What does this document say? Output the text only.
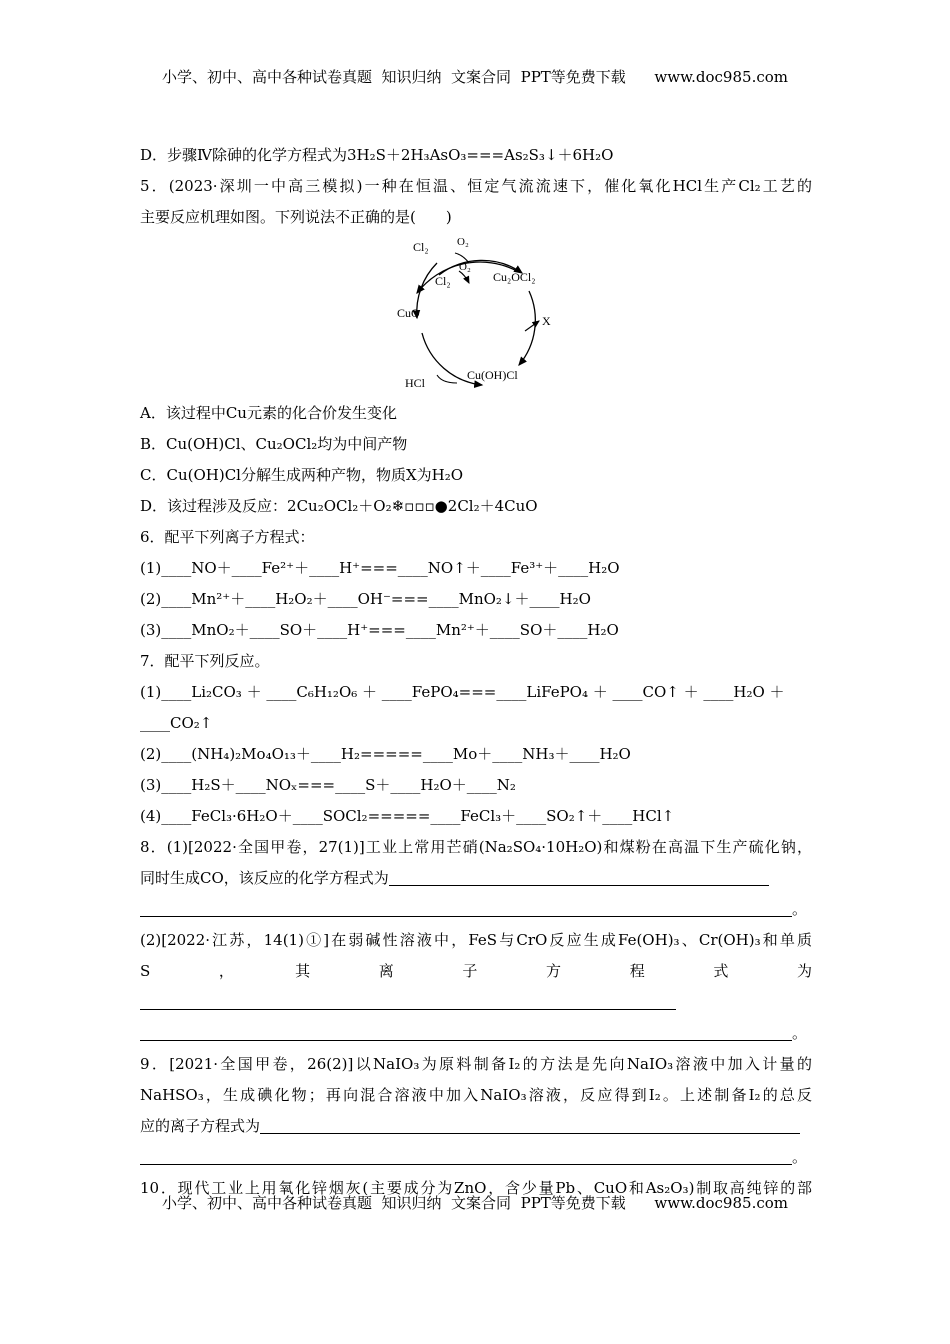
小学、初中、高中各种试卷真题  知识归纳  文案合同  PPT等免费下载      www.doc985.com
D．步骤Ⅳ除砷的化学方程式为3H₂S＋2H₃AsO₃===As₂S₃↓＋6H₂O
5．(2023·深圳一中高三模拟)一种在恒温、恒定气流流速下，催化氧化HCl生产Cl₂工艺的
主要反应机理如图。下列说法不正确的是(　　)
Cl₂	O₂
O₂
Cl₂	Cu₂OCl₂
CuO
X
HCl
Cu(OH)Cl
A．该过程中Cu元素的化合价发生变化
B．Cu(OH)Cl、Cu₂OCl₂均为中间产物
C．Cu(OH)Cl分解生成两种产物，物质X为H₂O
D．该过程涉及反应：2Cu₂OCl₂＋O₂❄▫▫▫●2Cl₂＋4CuO
6．配平下列离子方程式：
(1)____NO＋____Fe²⁺＋____H⁺===____NO↑＋____Fe³⁺＋____H₂O
(2)____Mn²⁺＋____H₂O₂＋____OH⁻===____MnO₂↓＋____H₂O
(3)____MnO₂＋____SO＋____H⁺===____Mn²⁺＋____SO＋____H₂O
7．配平下列反应。
(1)____Li₂CO₃ ＋ ____C₆H₁₂O₆ ＋ ____FePO₄===____LiFePO₄ ＋ ____CO↑ ＋ ____H₂O ＋
____CO₂↑
(2)____(NH₄)₂Mo₄O₁₃＋____H₂=====____Mo＋____NH₃＋____H₂O
(3)____H₂S＋____NOₓ===____S＋____H₂O＋____N₂
(4)____FeCl₃·6H₂O＋____SOCl₂=====____FeCl₃＋____SO₂↑＋____HCl↑
8．(1)[2022·全国甲卷，27(1)]工业上常用芒硝(Na₂SO₄·10H₂O)和煤粉在高温下生产硫化钠，
同时生成CO，该反应的化学方程式为
。
(2)[2022·江苏，14(1)①]在弱碱性溶液中，FeS与CrO反应生成Fe(OH)₃、Cr(OH)₃和单质
S　，　其　离　子　方　程　式　为
。
9．[2021·全国甲卷，26(2)]以NaIO₃为原料制备I₂的方法是先向NaIO₃溶液中加入计量的
NaHSO₃，生成碘化物；再向混合溶液中加入NaIO₃溶液，反应得到I₂。上述制备I₂的总反
应的离子方程式为
。
10．现代工业上用氧化锌烟灰(主要成分为ZnO，含少量Pb、CuO和As₂O₃)制取高纯锌的部
小学、初中、高中各种试卷真题  知识归纳  文案合同  PPT等免费下载      www.doc985.com
